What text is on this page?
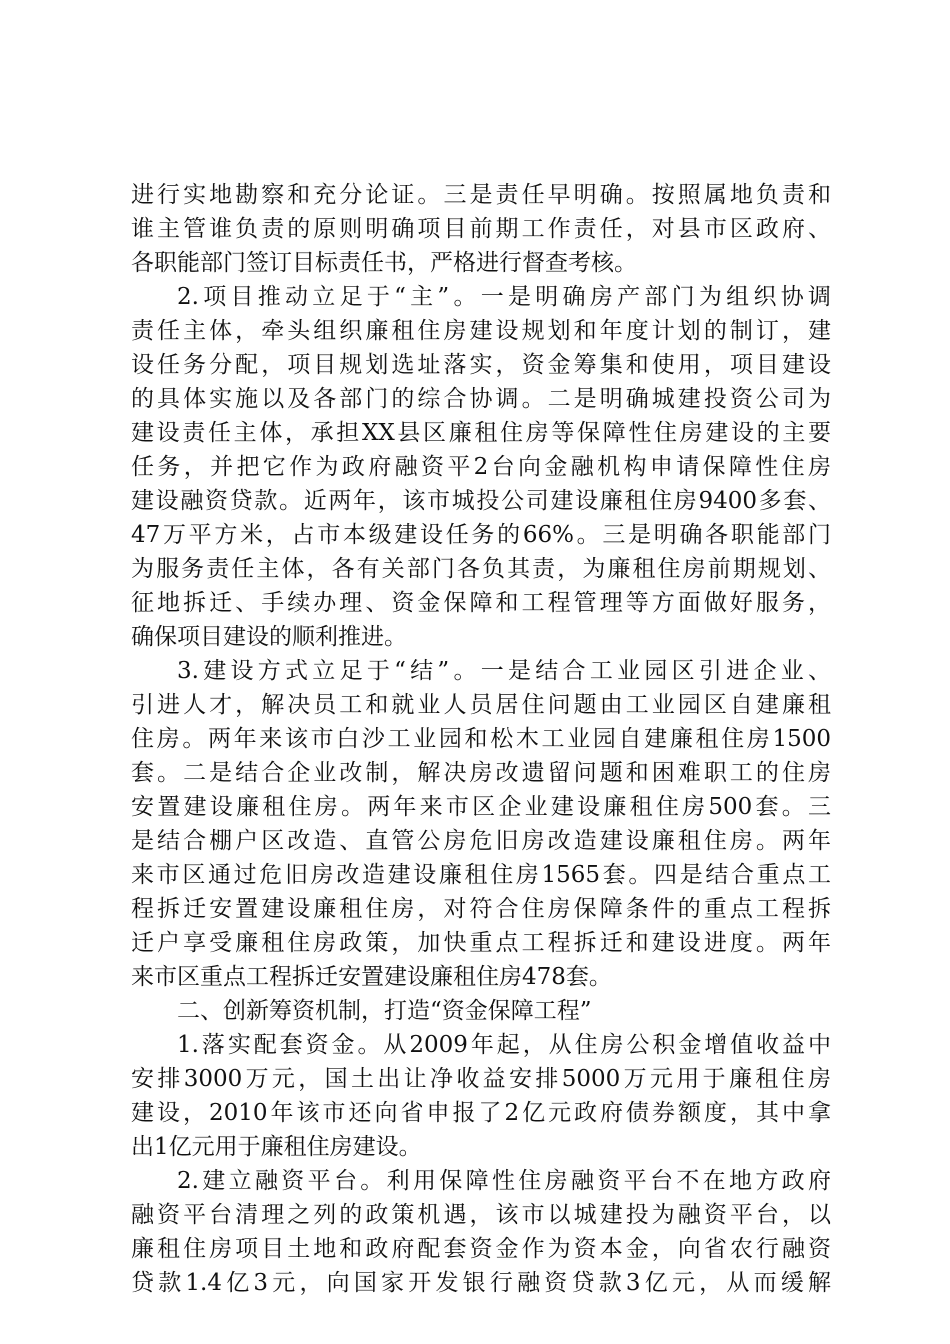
进行实地勘察和充分论证。三是责任早明确。按照属地负责和
谁主管谁负责的原则明确项目前期工作责任，对县市区政府、
各职能部门签订目标责任书，严格进行督查考核。
2.项目推动立足于“主”。一是明确房产部门为组织协调
责任主体，牵头组织廉租住房建设规划和年度计划的制订，建
设任务分配，项目规划选址落实，资金筹集和使用，项目建设
的具体实施以及各部门的综合协调。二是明确城建投资公司为
建设责任主体，承担XX县区廉租住房等保障性住房建设的主要
任务，并把它作为政府融资平2台向金融机构申请保障性住房
建设融资贷款。近两年，该市城投公司建设廉租住房9400多套、
47万平方米，占市本级建设任务的66%。三是明确各职能部门
为服务责任主体，各有关部门各负其责，为廉租住房前期规划、
征地拆迁、手续办理、资金保障和工程管理等方面做好服务，
确保项目建设的顺利推进。
3.建设方式立足于“结”。一是结合工业园区引进企业、
引进人才，解决员工和就业人员居住问题由工业园区自建廉租
住房。两年来该市白沙工业园和松木工业园自建廉租住房1500
套。二是结合企业改制，解决房改遗留问题和困难职工的住房
安置建设廉租住房。两年来市区企业建设廉租住房500套。三
是结合棚户区改造、直管公房危旧房改造建设廉租住房。两年
来市区通过危旧房改造建设廉租住房1565套。四是结合重点工
程拆迁安置建设廉租住房，对符合住房保障条件的重点工程拆
迁户享受廉租住房政策，加快重点工程拆迁和建设进度。两年
来市区重点工程拆迁安置建设廉租住房478套。
二、创新筹资机制，打造“资金保障工程”
1.落实配套资金。从2009年起，从住房公积金增值收益中
安排3000万元，国土出让净收益安排5000万元用于廉租住房
建设，2010年该市还向省申报了2亿元政府债券额度，其中拿
出1亿元用于廉租住房建设。
2.建立融资平台。利用保障性住房融资平台不在地方政府
融资平台清理之列的政策机遇，该市以城建投为融资平台，以
廉租住房项目土地和政府配套资金作为资本金，向省农行融资
贷款1.4亿3元，向国家开发银行融资贷款3亿元，从而缓解
